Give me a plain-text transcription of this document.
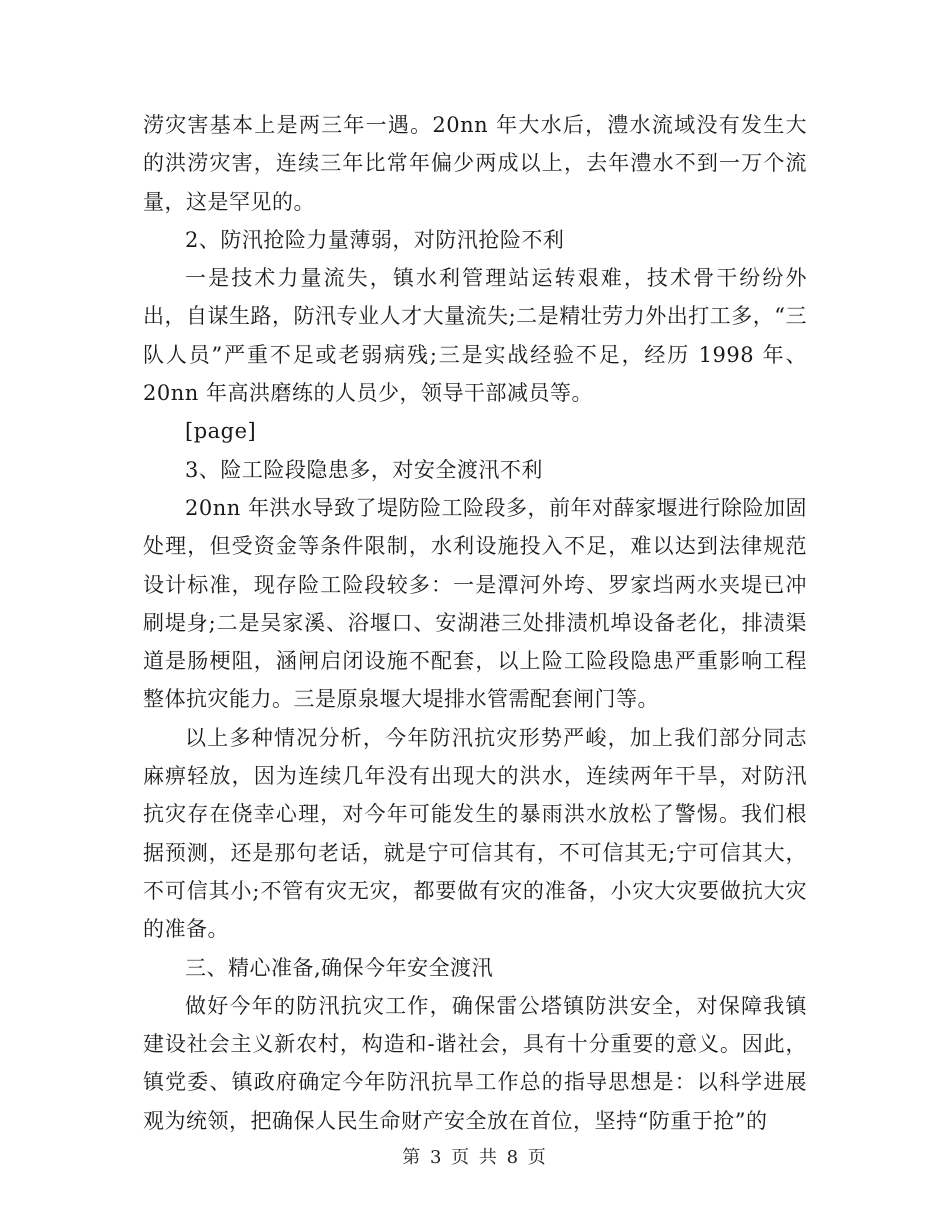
涝灾害基本上是两三年一遇。20nn 年大水后，澧水流域没有发生大的洪涝灾害，连续三年比常年偏少两成以上，去年澧水不到一万个流量，这是罕见的。

2、防汛抢险力量薄弱，对防汛抢险不利

一是技术力量流失，镇水利管理站运转艰难，技术骨干纷纷外出，自谋生路，防汛专业人才大量流失;二是精壮劳力外出打工多，“三队人员”严重不足或老弱病残;三是实战经验不足，经历 1998 年、20nn 年高洪磨练的人员少，领导干部减员等。

[page]

3、险工险段隐患多，对安全渡汛不利

20nn 年洪水导致了堤防险工险段多，前年对薛家堰进行除险加固处理，但受资金等条件限制，水利设施投入不足，难以达到法律规范设计标准，现存险工险段较多：一是潭河外垮、罗家垱两水夹堤已冲刷堤身;二是吴家溪、浴堰口、安湖港三处排渍机埠设备老化，排渍渠道是肠梗阻，涵闸启闭设施不配套，以上险工险段隐患严重影响工程整体抗灾能力。三是原泉堰大堤排水管需配套闸门等。

以上多种情况分析，今年防汛抗灾形势严峻，加上我们部分同志麻痹轻放，因为连续几年没有出现大的洪水，连续两年干旱，对防汛抗灾存在侥幸心理，对今年可能发生的暴雨洪水放松了警惕。我们根据预测，还是那句老话，就是宁可信其有，不可信其无;宁可信其大，不可信其小;不管有灾无灾，都要做有灾的准备，小灾大灾要做抗大灾的准备。

三、精心准备,确保今年安全渡汛

做好今年的防汛抗灾工作，确保雷公塔镇防洪安全，对保障我镇建设社会主义新农村，构造和-谐社会，具有十分重要的意义。因此，镇党委、镇政府确定今年防汛抗旱工作总的指导思想是：以科学进展观为统领，把确保人民生命财产安全放在首位，坚持“防重于抢”的

第 3 页 共 8 页
